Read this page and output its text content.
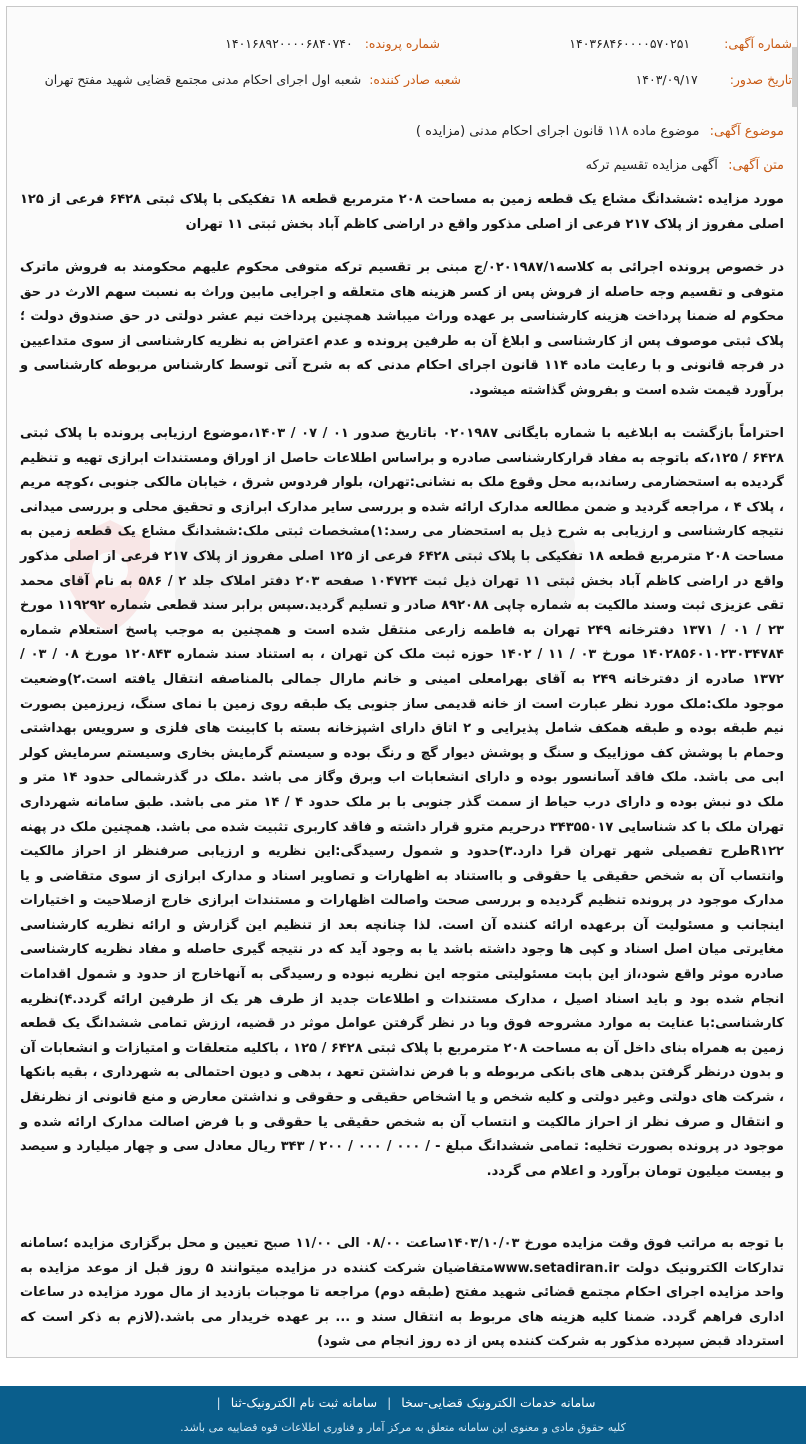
شماره آگهی: ۱۴۰۳۶۸۴۶۰۰۰۰۵۷۰۲۵۱
شماره پرونده: ۱۴۰۱۶۸۹۲۰۰۰۰۶۸۴۰۷۴۰
تاریخ صدور: ۱۴۰۳/۰۹/۱۷
شعبه صادر کننده: شعبه اول اجرای احکام مدنی مجتمع قضایی شهید مفتح تهران
موضوع آگهی: موضوع ماده ۱۱۸ قانون اجرای احکام مدنی (مزایده )
متن آگهی: آگهی مزایده تقسیم ترکه
مورد مزایده :ششدانگ مشاع یک قطعه زمین به مساحت ۲۰۸ مترمربع قطعه ۱۸ تفکیکی با پلاک ثبتی ۶۴۲۸ فرعی از ۱۲۵ اصلی مفروز از پلاک ۲۱۷ فرعی از اصلی مذکور واقع در اراضی کاظم آباد بخش ثبتی ۱۱ تهران
در خصوص پرونده اجرائی به کلاسه۰۲۰۱۹۸۷/۱/ج مبنی بر تقسیم ترکه متوفی محکوم علیهم محکومند به فروش ماترک متوفی و تقسیم وجه حاصله از فروش پس از کسر هزینه های متعلقه و اجرایی مابین وراث به نسبت سهم الارث در حق محکوم له ضمنا پرداخت هزینه کارشناسی بر عهده وراث میباشد همچنین پرداخت نیم عشر دولتی در حق صندوق دولت ؛ پلاک ثبتی موصوف پس از کارشناسی و ابلاغ آن به طرفین پرونده و عدم اعتراض به نظریه کارشناسی از سوی متداعیین در فرجه قانونی و با رعایت ماده ۱۱۴ قانون اجرای احکام مدنی که به شرح آتی توسط کارشناس مربوطه کارشناسی و برآورد قیمت شده است و بفروش گذاشته میشود.
احتراماً بازگشت به ابلاغیه با شماره بایگانی ۰۲۰۱۹۸۷ باتاریخ صدور ۰۱ / ۰۷ / ۱۴۰۳،موضوع ارزیابی پرونده با پلاک ثبتی ۶۴۲۸ / ۱۲۵،که باتوجه به مفاد قرارکارشناسی صادره و براساس اطلاعات حاصل از اوراق ومستندات ابرازی تهیه و تنظیم گردیده به استحضارمی رساند،به محل وقوع ملک به نشانی:تهران، بلوار فردوس شرق ، خیابان مالکی جنوبی ،کوچه مریم ، پلاک ۴ ، مراجعه گردید و ضمن مطالعه مدارک ارائه شده و بررسی سایر مدارک ابرازی و تحقیق محلی و بررسی میدانی نتیجه کارشناسی و ارزیابی به شرح ذیل به استحضار می رسد:۱)مشخصات ثبتی ملک:ششدانگ مشاع یک قطعه زمین به مساحت ۲۰۸ مترمربع قطعه ۱۸ تفکیکی با پلاک ثبتی ۶۴۲۸ فرعی از ۱۲۵ اصلی مفروز از پلاک ۲۱۷ فرعی از اصلی مذکور واقع در اراضی کاظم آباد بخش ثبتی ۱۱ تهران ذیل ثبت ۱۰۴۷۲۴ صفحه ۲۰۳ دفتر املاک جلد ۲ / ۵۸۶ به نام آقای محمد تقی عزیزی ثبت وسند مالکیت به شماره چاپی ۸۹۲۰۸۸ صادر و تسلیم گردید.سپس برابر سند قطعی شماره ۱۱۹۲۹۲ مورخ ۲۳ / ۰۱ / ۱۳۷۱ دفترخانه ۲۴۹ تهران به فاطمه زارعی منتقل شده است و همچنین به موجب پاسخ استعلام شماره ۱۴۰۲۸۵۶۰۱۰۲۳۰۳۴۷۸۴ مورخ ۰۳ / ۱۱ / ۱۴۰۲ حوزه ثبت ملک کن تهران ، به استناد سند شماره ۱۲۰۸۴۳ مورخ ۰۸ / ۰۳ / ۱۳۷۲ صادره از دفترخانه ۲۴۹ به آقای بهرامعلی امینی و خانم مارال جمالی بالمناصفه انتقال یافته است.۲)وضعیت موجود ملک:ملک مورد نظر عبارت است از خانه قدیمی ساز جنوبی یک طبقه روی زمین با نمای سنگ، زیرزمین بصورت نیم طبقه بوده و طبقه همکف شامل پذیرایی و ۲ اتاق دارای اشپزخانه بسته با کابینت های فلزی و سرویس بهداشتی وحمام با پوشش کف موزاییک و سنگ و پوشش دیوار گچ و رنگ بوده و سیستم گرمایش بخاری وسیستم سرمایش کولر ابی می باشد. ملک فاقد آسانسور بوده و دارای انشعابات اب وبرق وگاز می باشد .ملک در گذرشمالی حدود ۱۴ متر و ملک دو نبش بوده و دارای درب حیاط از سمت گذر جنوبی با بر ملک حدود ۴ / ۱۴ متر می باشد. طبق سامانه شهرداری تهران ملک با کد شناسایی ۳۴۳۵۵۰۱۷ درحریم مترو قرار داشته و فاقد کاربری تثبیت شده می باشد. همچنین ملک در پهنه R۱۲۲طرح تفصیلی شهر تهران قرا دارد.۳)حدود و شمول رسیدگی:این نظریه و ارزیابی صرفنظر از احراز مالکیت وانتساب آن به شخص حقیقی یا حقوقی و بااستناد به اظهارات و تصاویر اسناد و مدارک ابرازی از سوی متقاضی و یا مدارک موجود در پرونده تنظیم گردیده و بررسی صحت واصالت اظهارات و مستندات ابرازی خارج ازصلاحیت و اختیارات اینجانب و مسئولیت آن برعهده ارائه کننده آن است. لذا چنانچه بعد از تنظیم این گزارش و ارائه نظریه کارشناسی مغایرتی میان اصل اسناد و کپی ها وجود داشته باشد یا به وجود آید که در نتیجه گیری حاصله و مفاد نظریه کارشناسی صادره موثر واقع شود،از این بابت مسئولیتی متوجه این نظریه نبوده و رسیدگی به آنهاخارج از حدود و شمول اقدامات انجام شده بود و باید اسناد اصیل ، مدارک مستندات و اطلاعات جدید از طرف هر یک از طرفین ارائه گردد.۴)نظریه کارشناسی:با عنایت به موارد مشروحه فوق وبا در نظر گرفتن عوامل موثر در قضیه، ارزش تمامی ششدانگ یک قطعه زمین به همراه بنای داخل آن به مساحت ۲۰۸ مترمربع با پلاک ثبتی ۶۴۲۸ / ۱۲۵ ، باکلیه متعلقات و امتیازات و انشعابات آن و بدون درنظر گرفتن بدهی های بانکی مربوطه و با فرض نداشتن تعهد ، بدهی و دیون احتمالی به شهرداری ، بقیه بانکها ، شرکت های دولتی وغیر دولتی و کلیه شخص و یا اشخاص حقیقی و حقوقی و نداشتن معارض و منع قانونی از نظرنقل و انتقال و صرف نظر از احراز مالکیت و انتساب آن به شخص حقیقی یا حقوقی و با فرض اصالت مدارک ارائه شده و موجود در پرونده بصورت تخلیه: تمامی ششدانگ مبلغ - / ۰۰۰ / ۰۰۰ / ۲۰۰ / ۳۴۳ ریال معادل سی و چهار میلیارد و سیصد و بیست میلیون تومان برآورد و اعلام می گردد.
با توجه به مراتب فوق وقت مزایده مورخ ۱۴۰۳/۱۰/۰۳ساعت ۰۸/۰۰ الی ۱۱/۰۰ صبح تعیین و محل برگزاری مزایده ؛سامانه تدارکات الکترونیک دولت www.setadiran.irمتقاضیان شرکت کننده در مزایده میتوانند ۵ روز قبل از موعد مزایده به واحد مزایده اجرای احکام مجتمع قضائی شهید مفتح (طبقه دوم) مراجعه تا موجبات بازدید از مال مورد مزایده در ساعات اداری فراهم گردد. ضمنا کلیه هزینه های مربوط به انتقال سند و ... بر عهده خریدار می باشد.(لازم به ذکر است که استرداد قبض سپرده مذکور به شرکت کننده پس از ده روز انجام می شود)
سامانه خدمات الکترونیک قضایی-سخا | سامانه ثبت نام الکترونیک-ثنا |
کلیه حقوق مادی و معنوی این سامانه متعلق به مرکز آمار و فناوری اطلاعات قوه قضاییه می باشد.
